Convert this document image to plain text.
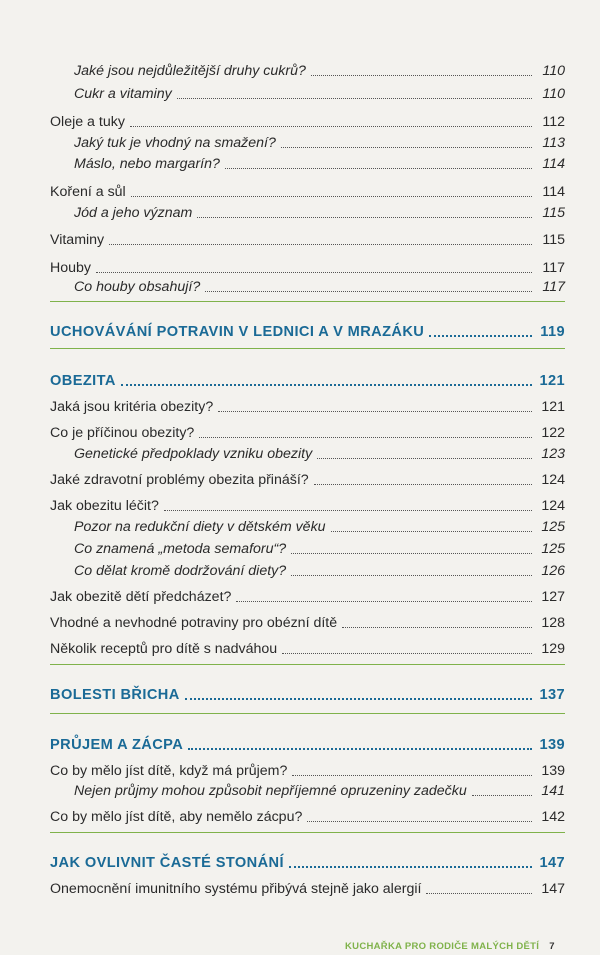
Jaké jsou nejdůležitější druhy cukrů?	110
Cukr a vitaminy	110
Oleje a tuky	112
Jaký tuk je vhodný na smažení?	113
Máslo, nebo margarín?	114
Koření a sůl	114
Jód a jeho význam	115
Vitaminy	115
Houby	117
Co houby obsahují?	117
UCHOVÁVÁNÍ POTRAVIN V LEDNICI A V MRAZÁKU	119
OBEZITA	121
Jaká jsou kritéria obezity?	121
Co je příčinou obezity?	122
Genetické předpoklady vzniku obezity	123
Jaké zdravotní problémy obezita přináší?	124
Jak obezitu léčit?	124
Pozor na redukční diety v dětském věku	125
Co znamená „metoda semaforu“?	125
Co dělat kromě dodržování diety?	126
Jak obezitě dětí předcházet?	127
Vhodné a nevhodné potraviny pro obézní dítě	128
Několik receptů pro dítě s nadváhou	129
BOLESTI BŘICHA	137
PRŮJEM A ZÁCPA	139
Co by mělo jíst dítě, když má průjem?	139
Nejen průjmy mohou způsobit nepříjemné opruzeniny zadečku	141
Co by mělo jíst dítě, aby nemělo zácpu?	142
JAK OVLIVNIT ČASTÉ STONÁNÍ	147
Onemocnění imunitního systému přibývá stejně jako alergií	147
KUCHAŘKA PRO RODIČE MALÝCH DĚTÍ 7
